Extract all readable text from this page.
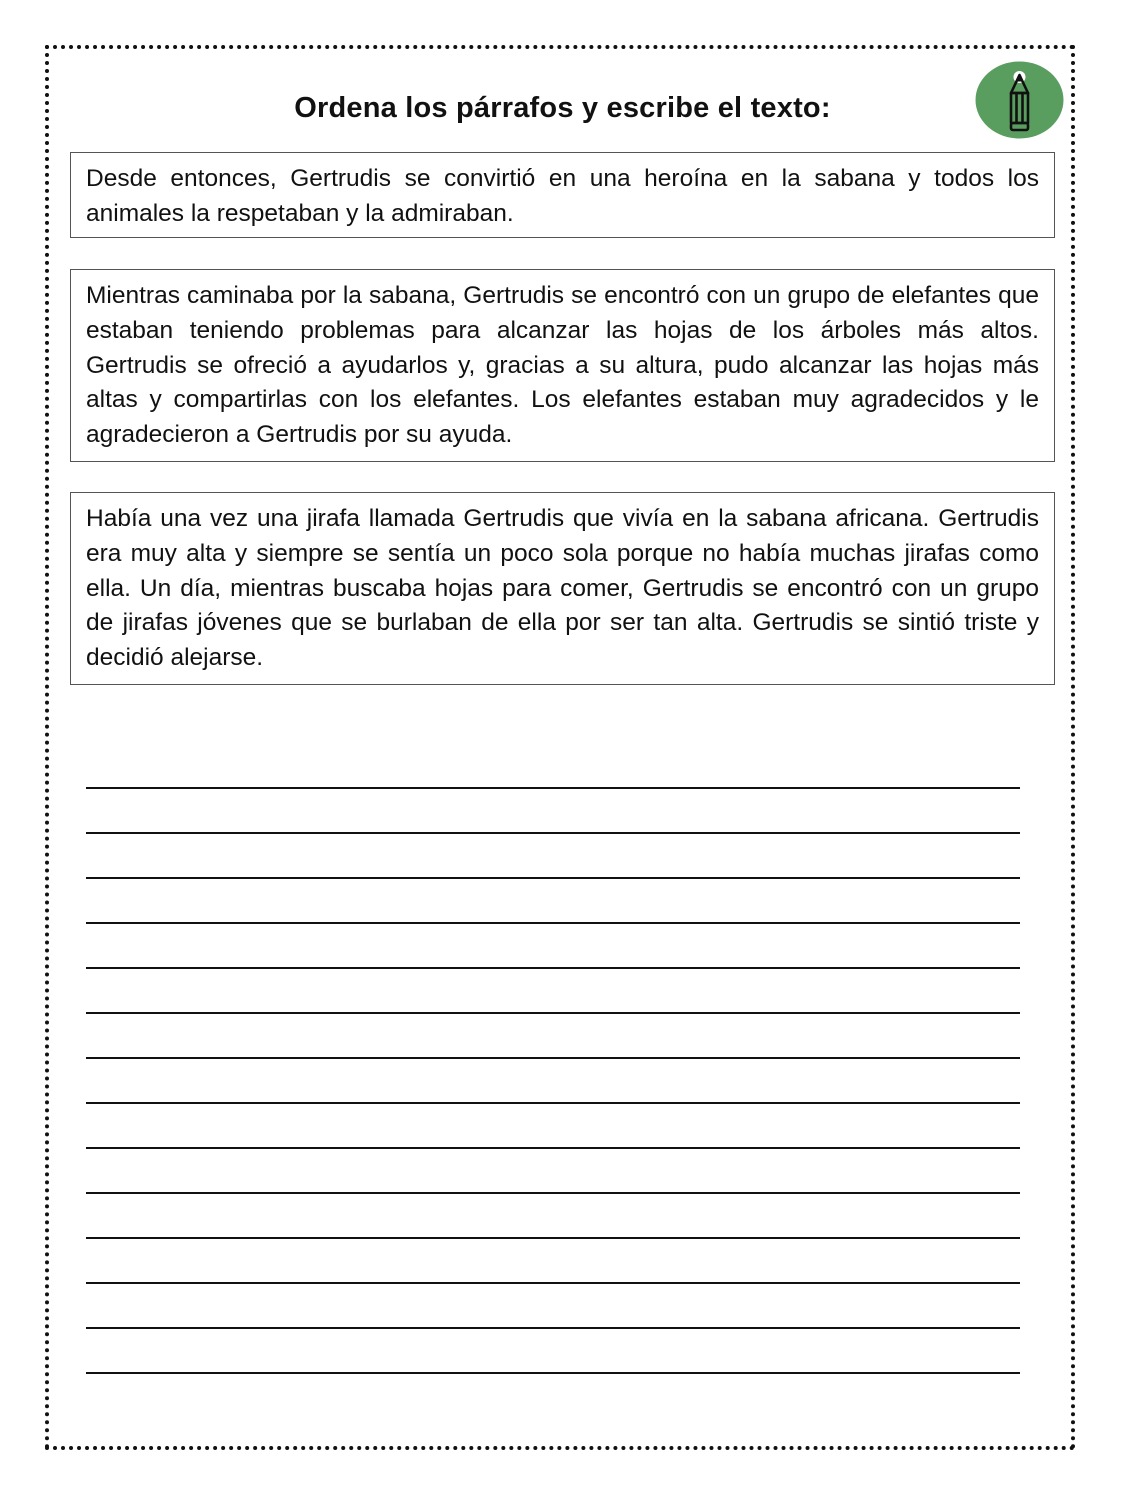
Ordena los párrafos y escribe el texto:
Desde entonces, Gertrudis se convirtió en una heroína en la sabana y todos los animales la respetaban y la admiraban.
Mientras caminaba por la sabana, Gertrudis se encontró con un grupo de elefantes que estaban teniendo problemas para alcanzar las hojas de los árboles más altos. Gertrudis se ofreció a ayudarlos y, gracias a su altura, pudo alcanzar las hojas más altas y compartirlas con los elefantes. Los elefantes estaban muy agradecidos y le agradecieron a Gertrudis por su ayuda.
Había una vez una jirafa llamada Gertrudis que vivía en la sabana africana. Gertrudis era muy alta y siempre se sentía un poco sola porque no había muchas jirafas como ella. Un día, mientras buscaba hojas para comer, Gertrudis se encontró con un grupo de jirafas jóvenes que se burlaban de ella por ser tan alta. Gertrudis se sintió triste y decidió alejarse.
